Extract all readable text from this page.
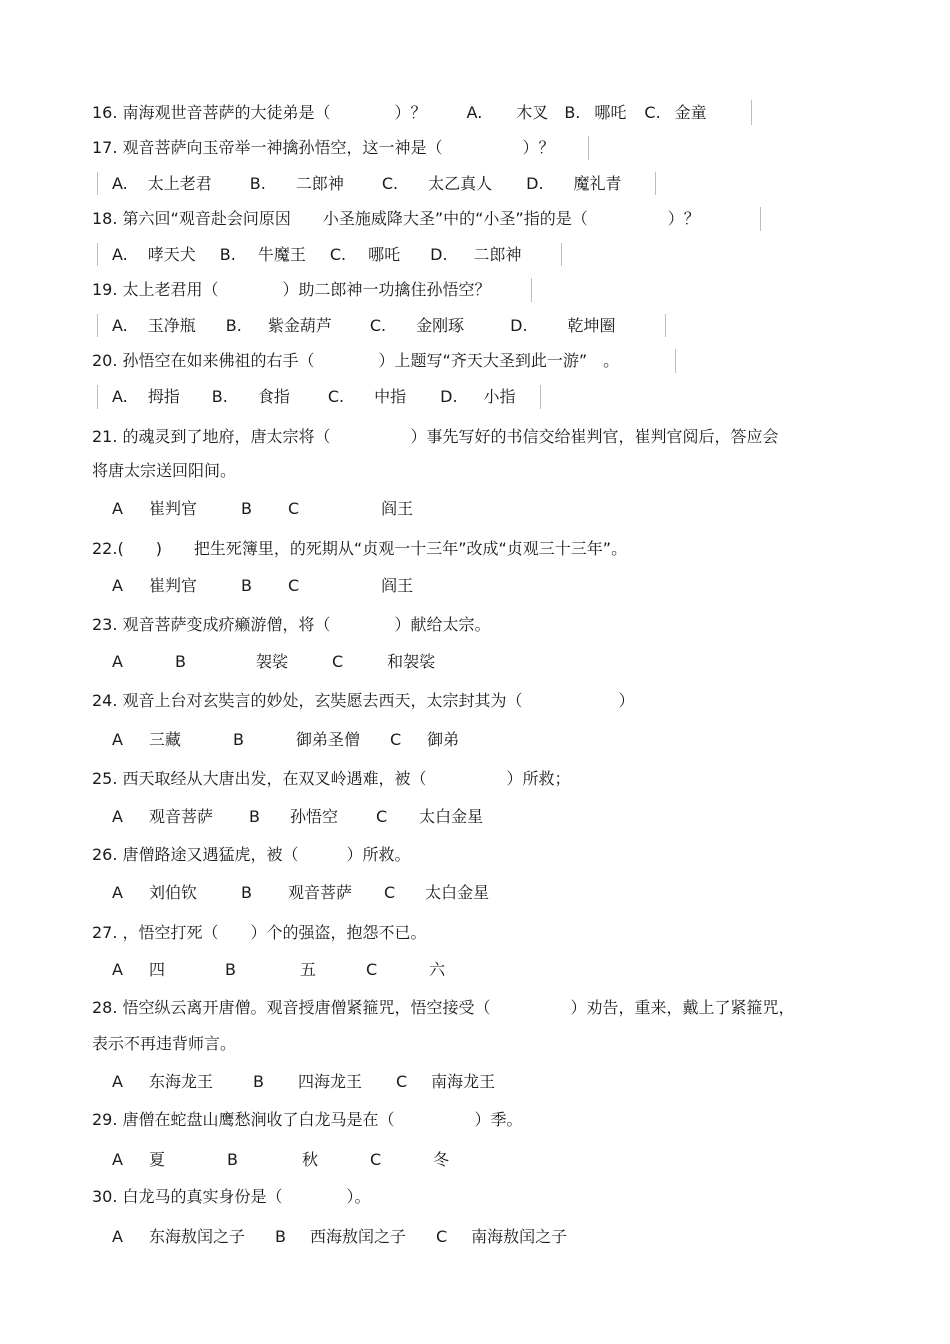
16. 南海观世音菩萨的大徒弟是（　　　　）？	A. 木叉 B. 哪吒 C. 金童
17. 观音菩萨向玉帝举一神擒孙悟空，这一神是（　　　　　）？
A. 太上老君 B. 二郎神 C. 太乙真人 D. 魔礼青
18. 第六回“观音赴会问原因　　小圣施威降大圣”中的“小圣”指的是（　　　　　）？
A. 哮天犬 B. 牛魔王 C. 哪吒 D. 二郎神
19. 太上老君用（　　　　）助二郎神一功擒住孙悟空？
A. 玉净瓶 B. 紫金葫芦 C. 金刚琢	D.	乾坤圈
20. 孙悟空在如来佛祖的右手（　　　　）上题写“齐天大圣到此一游”　。
A. 拇指 B. 食指 C. 中指 D. 小指
21. 的魂灵到了地府，唐太宗将（　　　　　）事先写好的书信交给崔判官，崔判官阅后，答应会
将唐太宗送回阳间。
A 崔判官	B C	阎王
22.(　　)　　把生死簿里，的死期从“贞观一十三年”改成“贞观三十三年”。
A 崔判官	B C	阎王
23. 观音菩萨变成疥癞游僧，将（　　　　）献给太宗。
A	B	袈裟	C	和袈裟
24. 观音上台对玄奘言的妙处，玄奘愿去西天，太宗封其为（　　　　　　）
A 三藏	B	御弟圣僧 C 御弟
25. 西天取经从大唐出发，在双叉岭遇难，被（　　　　　）所救；
A 观音菩萨 B 孙悟空 C 太白金星
26. 唐僧路途又遇猛虎，被（　　　）所救。
A 刘伯钦	B 观音菩萨 C 太白金星
27. ，悟空打死（　　）个的强盗，抱怨不已。
A 四	B	五	C	六
28. 悟空纵云离开唐僧。观音授唐僧紧箍咒，悟空接受（　　　　　）劝告，重来，戴上了紧箍咒，
表示不再违背师言。
A 东海龙王	B 四海龙王 C 南海龙王
29. 唐僧在蛇盘山鹰愁涧收了白龙马是在（　　　　　）季。
A 夏	B	秋	C	冬
30. 白龙马的真实身份是（　　　　）。
A 东海敖闰之子 B 西海敖闰之子 C 南海敖闰之子
